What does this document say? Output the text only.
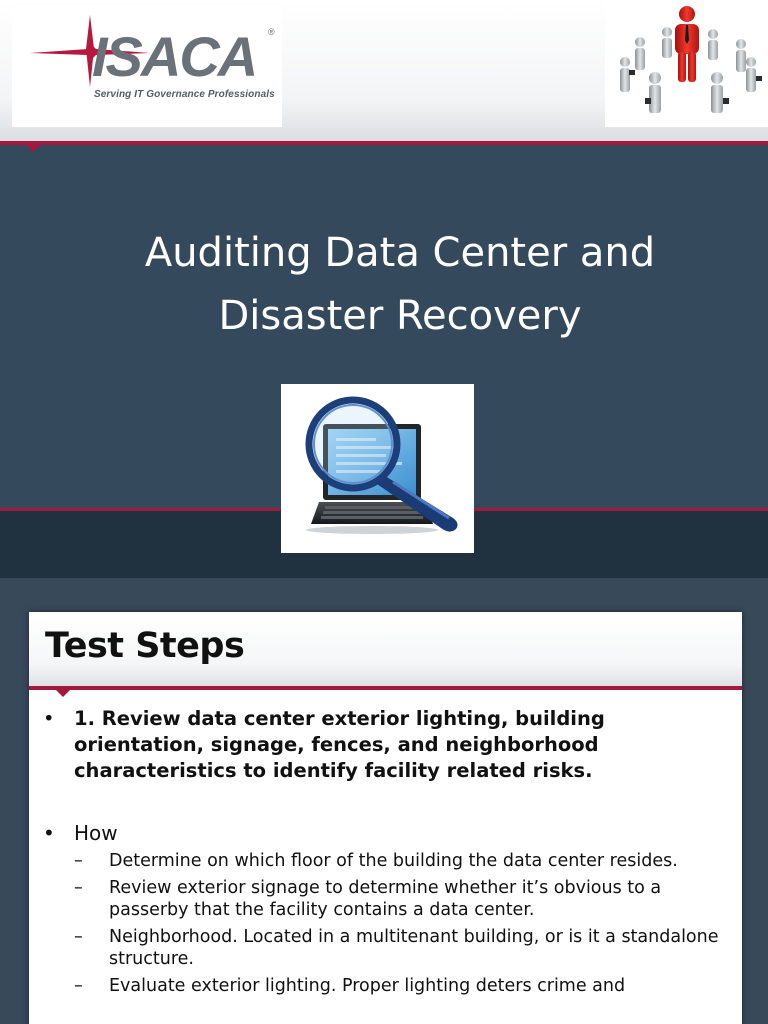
ISACA ®
Serving IT Governance Professionals
Auditing Data Center and
Disaster Recovery
Test Steps
• 1. Review data center exterior lighting, building orientation, signage, fences, and neighborhood characteristics to identify facility related risks.
• How
– Determine on which floor of the building the data center resides.
– Review exterior signage to determine whether it’s obvious to a passerby that the facility contains a data center.
– Neighborhood. Located in a multitenant building, or is it a standalone structure.
– Evaluate exterior lighting. Proper lighting deters crime and
